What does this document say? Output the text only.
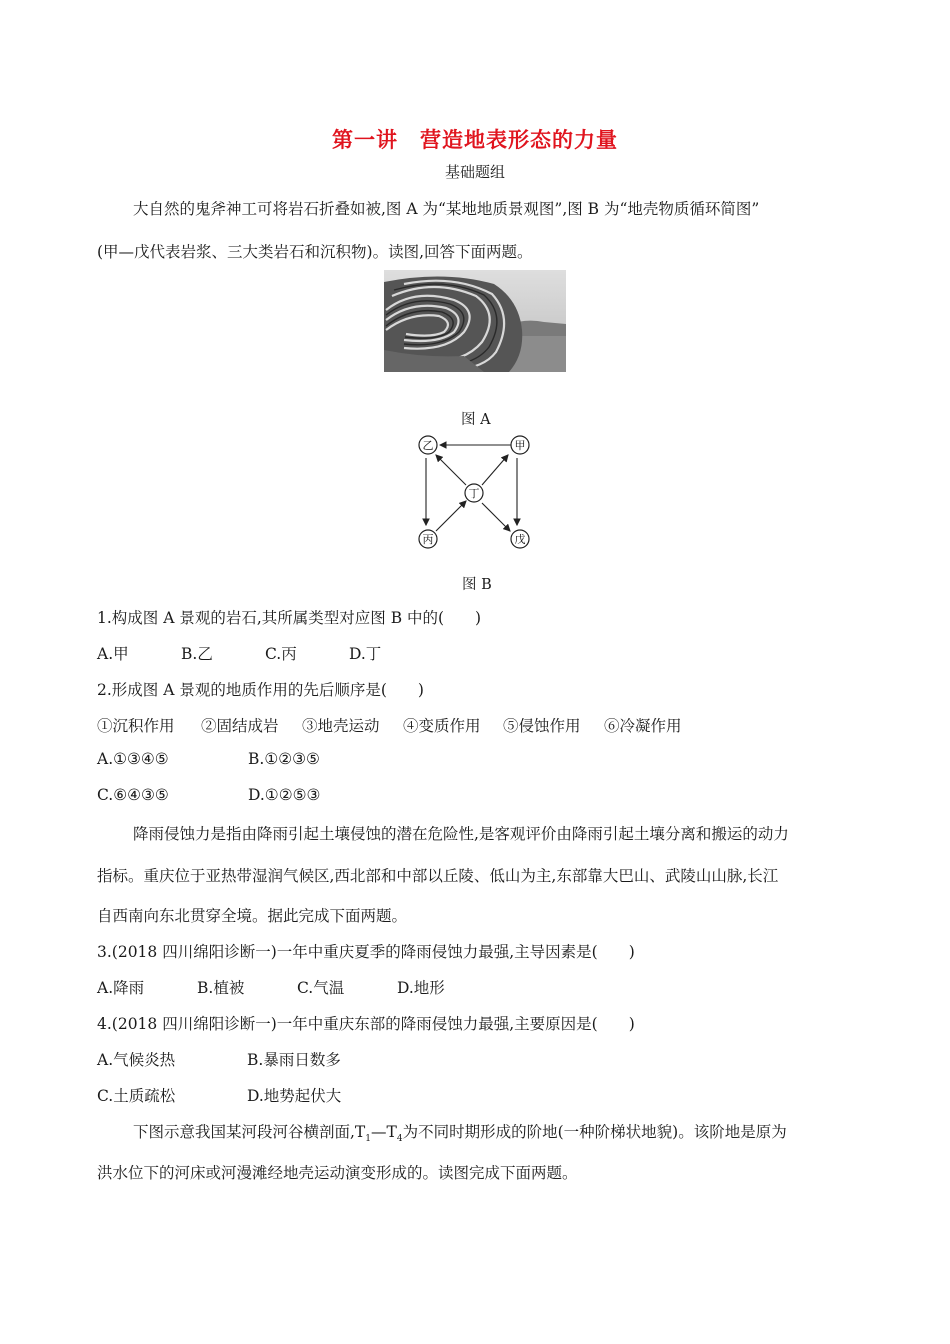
第一讲　营造地表形态的力量
基础题组
大自然的鬼斧神工可将岩石折叠如被,图 A 为“某地地质景观图”,图 B 为“地壳物质循环简图”
(甲—戊代表岩浆、三大类岩石和沉积物)。读图,回答下面两题。
图 A
甲
乙
丁
丙	戊
图 B
1.构成图 A 景观的岩石,其所属类型对应图 B 中的(　　)
A.甲	B.乙	C.丙	D.丁
2.形成图 A 景观的地质作用的先后顺序是(　　)
①沉积作用 ②固结成岩 ③地壳运动 ④变质作用 ⑤侵蚀作用 ⑥冷凝作用
A.①③④⑤	B.①②③⑤
C.⑥④③⑤	D.①②⑤③
降雨侵蚀力是指由降雨引起土壤侵蚀的潜在危险性,是客观评价由降雨引起土壤分离和搬运的动力
指标。重庆位于亚热带湿润气候区,西北部和中部以丘陵、低山为主,东部靠大巴山、武陵山山脉,长江
自西南向东北贯穿全境。据此完成下面两题。
3.(2018 四川绵阳诊断一)一年中重庆夏季的降雨侵蚀力最强,主导因素是(　　)
A.降雨	B.植被	C.气温	D.地形
4.(2018 四川绵阳诊断一)一年中重庆东部的降雨侵蚀力最强,主要原因是(　　)
A.气候炎热	B.暴雨日数多
C.土质疏松	D.地势起伏大
下图示意我国某河段河谷横剖面$,T_1—T_4$为不同时期形成的阶地(一种阶梯状地貌)。该阶地是原为
洪水位下的河床或河漫滩经地壳运动演变形成的。读图完成下面两题。
